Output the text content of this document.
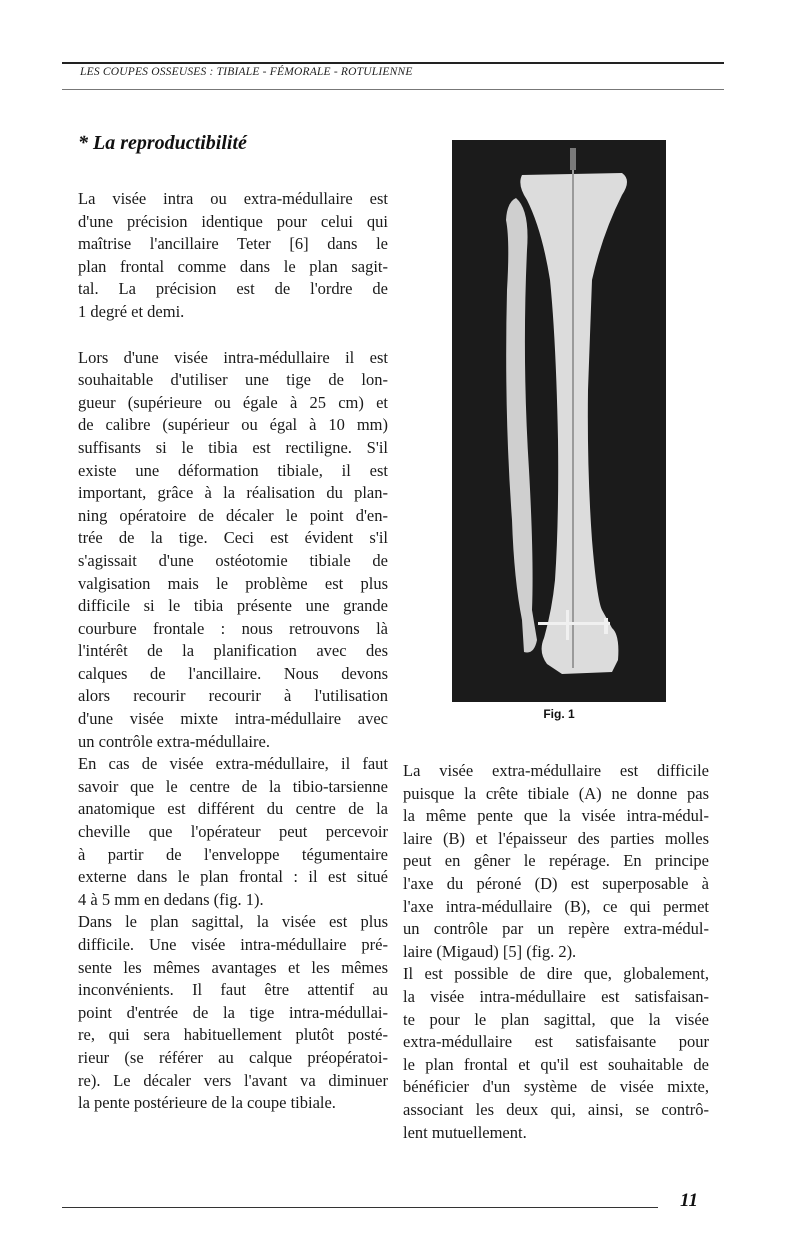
LES COUPES OSSEUSES : TIBIALE - FÉMORALE - ROTULIENNE
* La reproductibilité

La visée intra ou extra-médullaire est

d'une précision identique pour celui qui

maîtrise l'ancillaire Teter [6] dans le

plan frontal comme dans le plan sagit-

tal. La précision est de l'ordre de

1 degré et demi.

Lors d'une visée intra-médullaire il est

souhaitable d'utiliser une tige de lon-

gueur (supérieure ou égale à 25 cm) et

de calibre (supérieur ou égal à 10 mm)

suffisants si le tibia est rectiligne. S'il

existe une déformation tibiale, il est

important, grâce à la réalisation du plan-

ning opératoire de décaler le point d'en-

trée de la tige. Ceci est évident s'il

s'agissait d'une ostéotomie tibiale de

valgisation mais le problème est plus

difficile si le tibia présente une grande

courbure frontale : nous retrouvons là

l'intérêt de la planification avec des

calques de l'ancillaire. Nous devons

alors recourir recourir à l'utilisation

d'une visée mixte intra-médullaire avec

un contrôle extra-médullaire.

En cas de visée extra-médullaire, il faut

savoir que le centre de la tibio-tarsienne

anatomique est différent du centre de la

cheville que l'opérateur peut percevoir

à partir de l'enveloppe tégumentaire

externe dans le plan frontal : il est situé

4 à 5 mm en dedans (fig. 1).

Dans le plan sagittal, la visée est plus

difficile. Une visée intra-médullaire pré-

sente les mêmes avantages et les mêmes

inconvénients. Il faut être attentif au

point d'entrée de la tige intra-médullai-

re, qui sera habituellement plutôt posté-

rieur (se référer au calque préopératoi-

re). Le décaler vers l'avant va diminuer

la pente postérieure de la coupe tibiale.

La visée extra-médullaire est difficile

puisque la crête tibiale (A) ne donne pas

la même pente que la visée intra-médul-

laire (B) et l'épaisseur des parties molles

peut en gêner le repérage. En principe

l'axe du péroné (D) est superposable à

l'axe intra-médullaire (B), ce qui permet

un contrôle par un repère extra-médul-

laire (Migaud) [5] (fig. 2).

Il est possible de dire que, globalement,

la visée intra-médullaire est satisfaisan-

te pour le plan sagittal, que la visée

extra-médullaire est satisfaisante pour

le plan frontal et qu'il est souhaitable de

bénéficier d'un système de visée mixte,

associant les deux qui, ainsi, se contrô-

lent mutuellement.

Fig. 1
11
